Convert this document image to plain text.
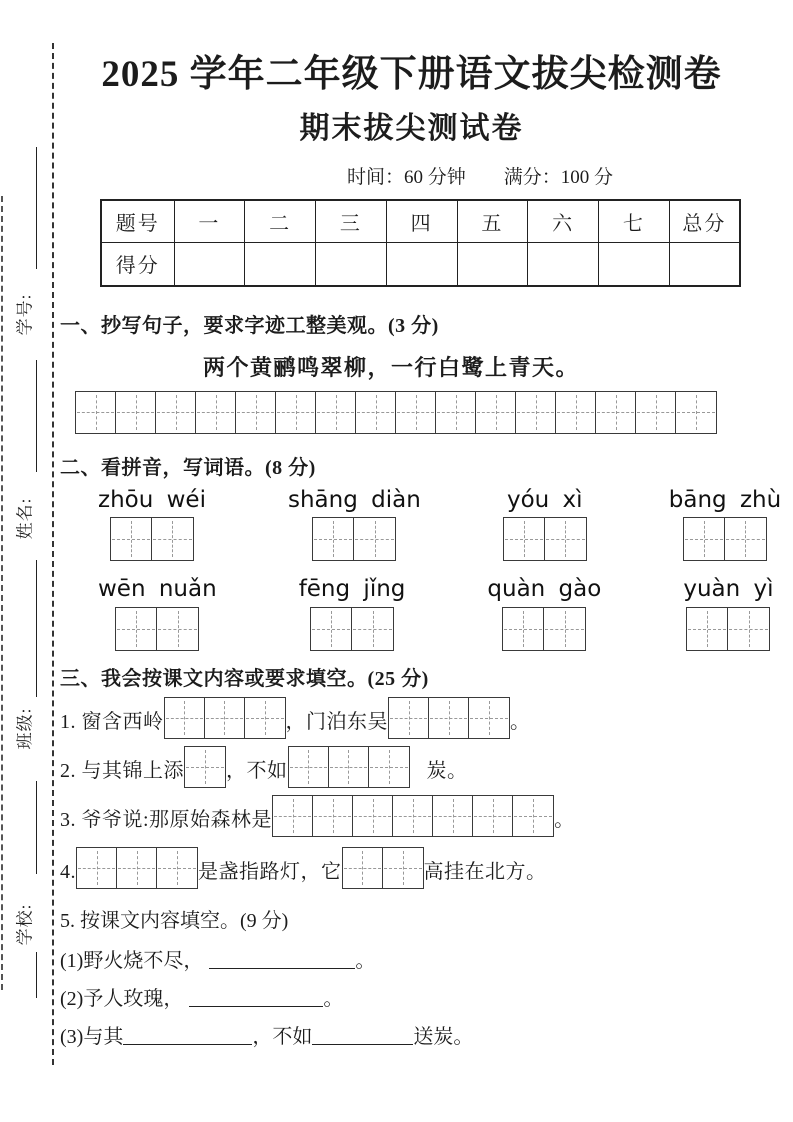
学号:
姓名:
班级:
学校:
2025 学年二年级下册语文拔尖检测卷
期末拔尖测试卷
时间：60 分钟 满分：100 分
题号	一	二	三	四	五	六	七	总分
得分								
一、抄写句子，要求字迹工整美观。(3 分)
两个黄鹂鸣翠柳，一行白鹭上青天。
二、看拼音，写词语。(8 分)
zhōu wéi	shāng diàn	yóu xì	bāng zhù
wēn nuǎn	fēng jǐng	quàn gào	yuàn yì
三、我会按课文内容或要求填空。(25 分)
1. 窗含西岭	，门泊东吴	。
2. 与其锦上添 ，不如	炭。
3. 爷爷说:那原始森林是	。
4.	是盏指路灯，它	高挂在北方。
5. 按课文内容填空。(9 分)
(1)野火烧不尽，	。
(2)予人玫瑰，	。
(3)与其	，不如	送炭。
